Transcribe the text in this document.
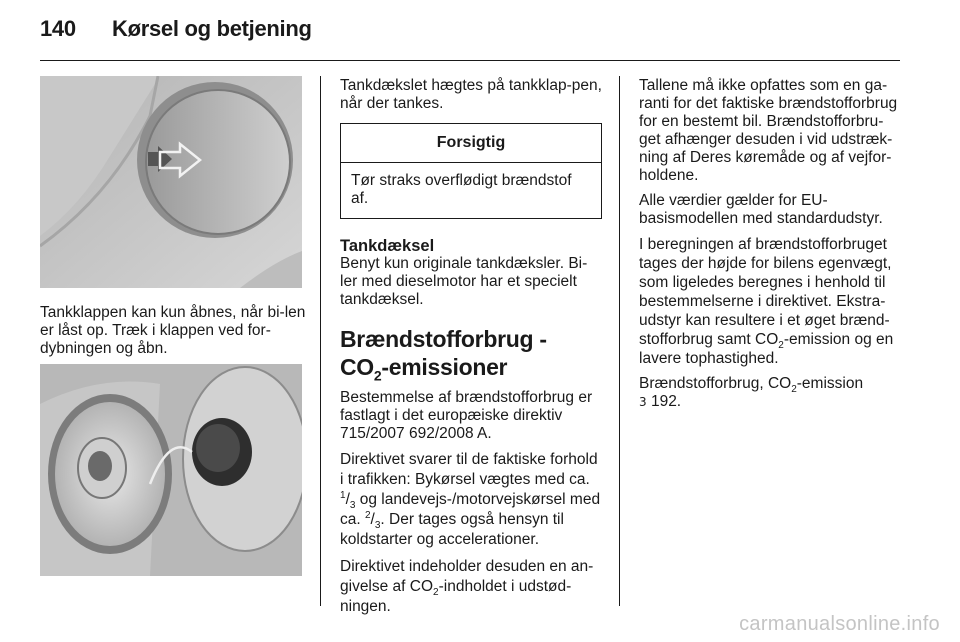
140 Kørsel og betjening

Tankklappen kan kun åbnes, når bi-len er låst op. Træk i klappen ved for-dybningen og åbn.

Tankdækslet hægtes på tankklap-pen, når der tankes.

Forsigtig
Tør straks overflødigt brændstof af.
Tankdæksel

Benyt kun originale tankdæksler. Bi-ler med dieselmotor har et specielt tankdæksel.

Brændstofforbrug -
$CO_2$-emissioner

Bestemmelse af brændstofforbrug er fastlagt i det europæiske direktiv 715/2007 692/2008 A.

Direktivet svarer til de faktiske forhold i trafikken: Bykørsel vægtes med ca. $^1/_3$ og landevejs-/motorvejskørsel med ca. $^2/_3$. Der tages også hensyn til koldstarter og accelerationer.

Direktivet indeholder desuden en an-givelse af $CO_2$-indholdet i udstød-ningen.

Tallene må ikke opfattes som en ga-ranti for det faktiske brændstofforbrug for en bestemt bil. Brændstofforbru-get afhænger desuden i vid udstræk-ning af Deres køremåde og af vejfor-holdene.

Alle værdier gælder for EU-basismodellen med standardudstyr.

I beregningen af brændstofforbruget tages der højde for bilens egenvægt, som ligeledes beregnes i henhold til bestemmelserne i direktivet. Ekstra-udstyr kan resultere i et øget brænd-stofforbrug samt $CO_2$-emission og en lavere tophastighed.

Brændstofforbrug, $CO_2$-emission
3 192.

carmanualsonline.info
